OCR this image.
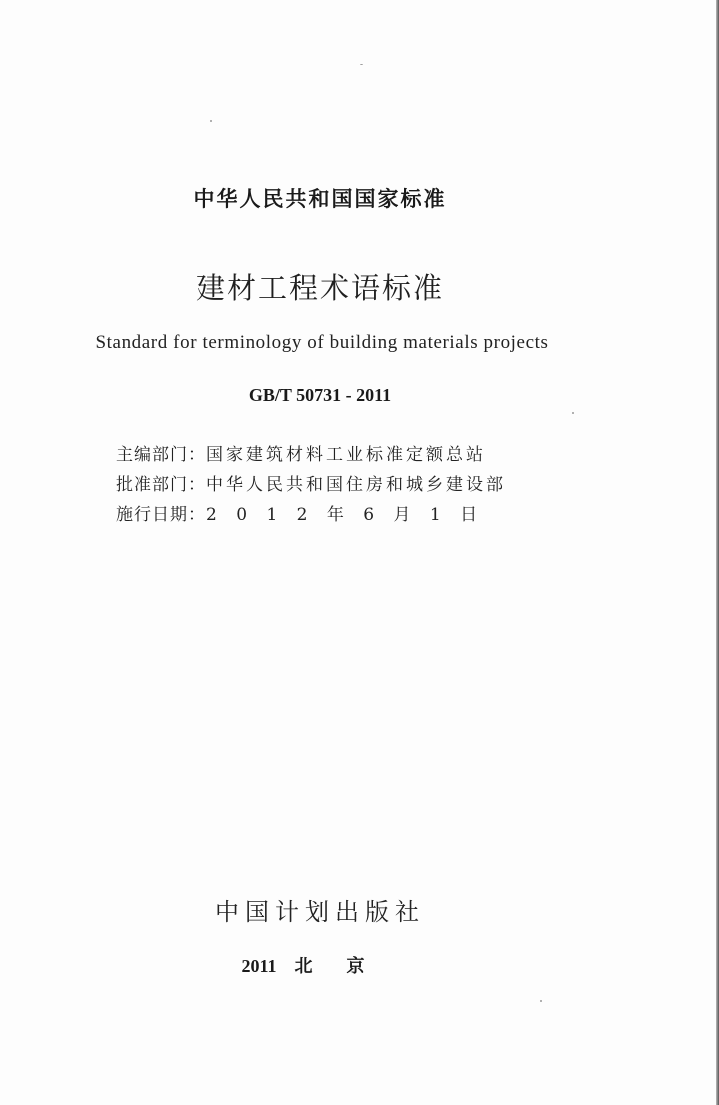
中华人民共和国国家标准
建材工程术语标准
Standard for terminology of building materials projects
GB/T 50731 - 2011
主编部门：国家建筑材料工业标准定额总站
批准部门：中华人民共和国住房和城乡建设部
施行日期：2 0 1 2 年 6 月 1 日
中国计划出版社
2011 北京
